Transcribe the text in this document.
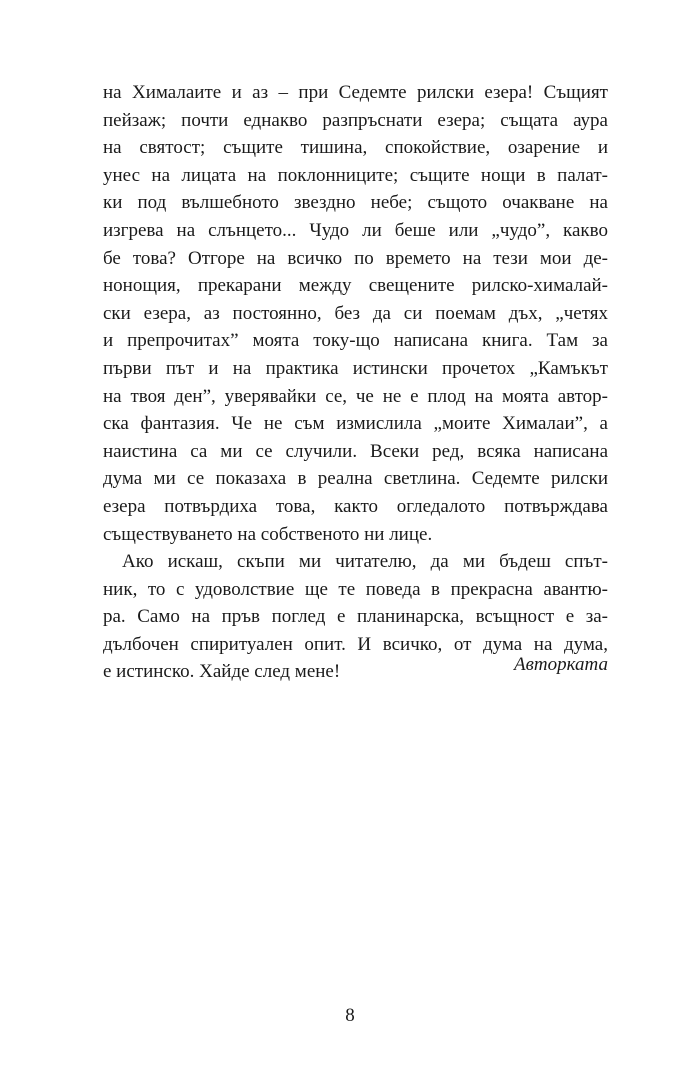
на Хималаите и аз – при Седемте рилски езера! Същият
пейзаж; почти еднакво разпръснати езера; същата аура
на святост; същите тишина, спокойствие, озарение и
унес на лицата на поклонниците; същите нощи в палат-
ки под вълшебното звездно небе; същото очакване на
изгрева на слънцето... Чудо ли беше или „чудо”, какво
бе това? Отгоре на всичко по времето на тези мои де-
нонощия, прекарани между свещените рилско-хималай-
ски езера, аз постоянно, без да си поемам дъх, „четях
и препрочитах” моята току-що написана книга. Там за
първи път и на практика истински прочетох „Камъкът
на твоя ден”, уверявайки се, че не е плод на моята автор-
ска фантазия. Че не съм измислила „моите Хималаи”, а
наистина са ми се случили. Всеки ред, всяка написана
дума ми се показаха в реална светлина. Седемте рилски
езера потвърдиха това, както огледалото потвърждава
съществуването на собственото ни лице.
Ако искаш, скъпи ми читателю, да ми бъдеш спът-
ник, то с удоволствие ще те поведа в прекрасна авантю-
ра. Само на пръв поглед е планинарска, всъщност е за-
дълбочен спиритуален опит. И всичко, от дума на дума,
е истинско. Хайде след мене!	Авторката
8
